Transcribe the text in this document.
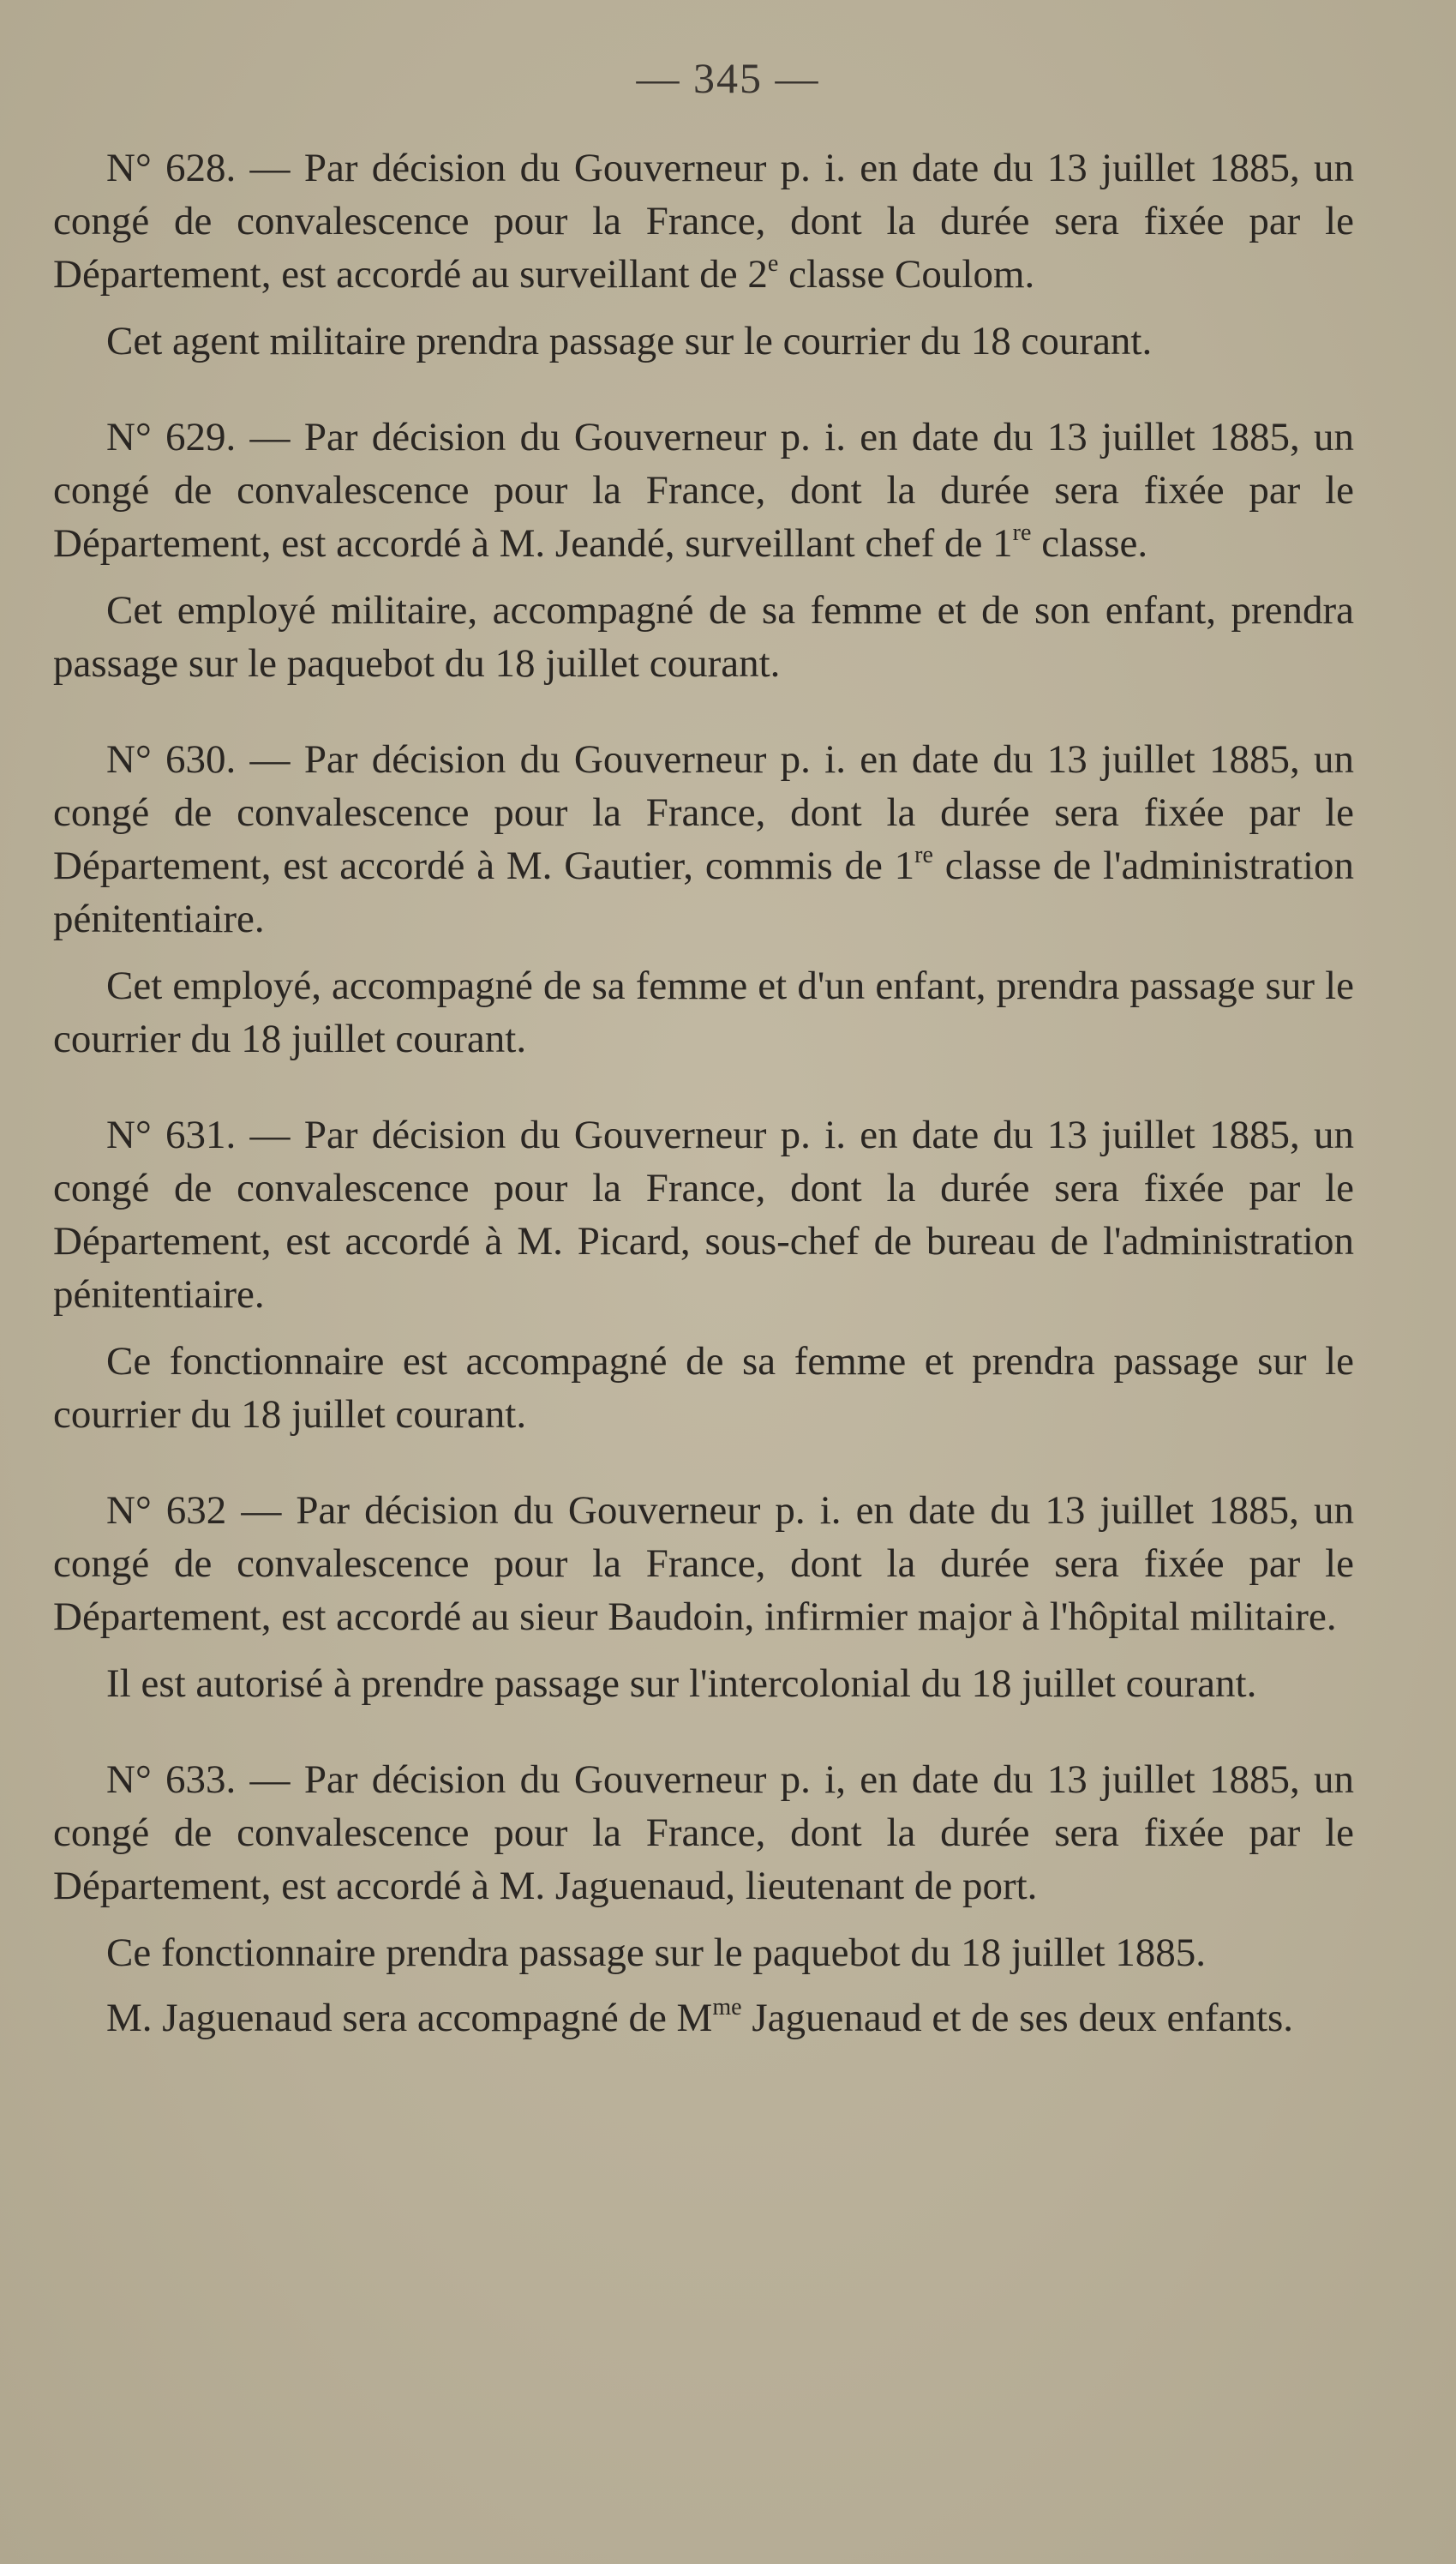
— 345 —

N° 628. — Par décision du Gouverneur p. i. en date du 13 juillet 1885, un congé de convalescence pour la France, dont la durée sera fixée par le Département, est accordé au surveillant de 2e classe Coulom.

Cet agent militaire prendra passage sur le courrier du 18 courant.

N° 629. — Par décision du Gouverneur p. i. en date du 13 juillet 1885, un congé de convalescence pour la France, dont la durée sera fixée par le Département, est accordé à M. Jeandé, surveillant chef de 1re classe.

Cet employé militaire, accompagné de sa femme et de son enfant, prendra passage sur le paquebot du 18 juillet courant.

N° 630. — Par décision du Gouverneur p. i. en date du 13 juillet 1885, un congé de convalescence pour la France, dont la durée sera fixée par le Département, est accordé à M. Gautier, commis de 1re classe de l'administration pénitentiaire.

Cet employé, accompagné de sa femme et d'un enfant, prendra passage sur le courrier du 18 juillet courant.

N° 631. — Par décision du Gouverneur p. i. en date du 13 juillet 1885, un congé de convalescence pour la France, dont la durée sera fixée par le Département, est accordé à M. Picard, sous-chef de bureau de l'administration pénitentiaire.

Ce fonctionnaire est accompagné de sa femme et prendra passage sur le courrier du 18 juillet courant.

N° 632 — Par décision du Gouverneur p. i. en date du 13 juillet 1885, un congé de convalescence pour la France, dont la durée sera fixée par le Département, est accordé au sieur Baudoin, infirmier major à l'hôpital militaire.

Il est autorisé à prendre passage sur l'intercolonial du 18 juillet courant.

N° 633. — Par décision du Gouverneur p. i, en date du 13 juillet 1885, un congé de convalescence pour la France, dont la durée sera fixée par le Département, est accordé à M. Jaguenaud, lieutenant de port.

Ce fonctionnaire prendra passage sur le paquebot du 18 juillet 1885.

M. Jaguenaud sera accompagné de $M^{me}$ Jaguenaud et de ses deux enfants.
